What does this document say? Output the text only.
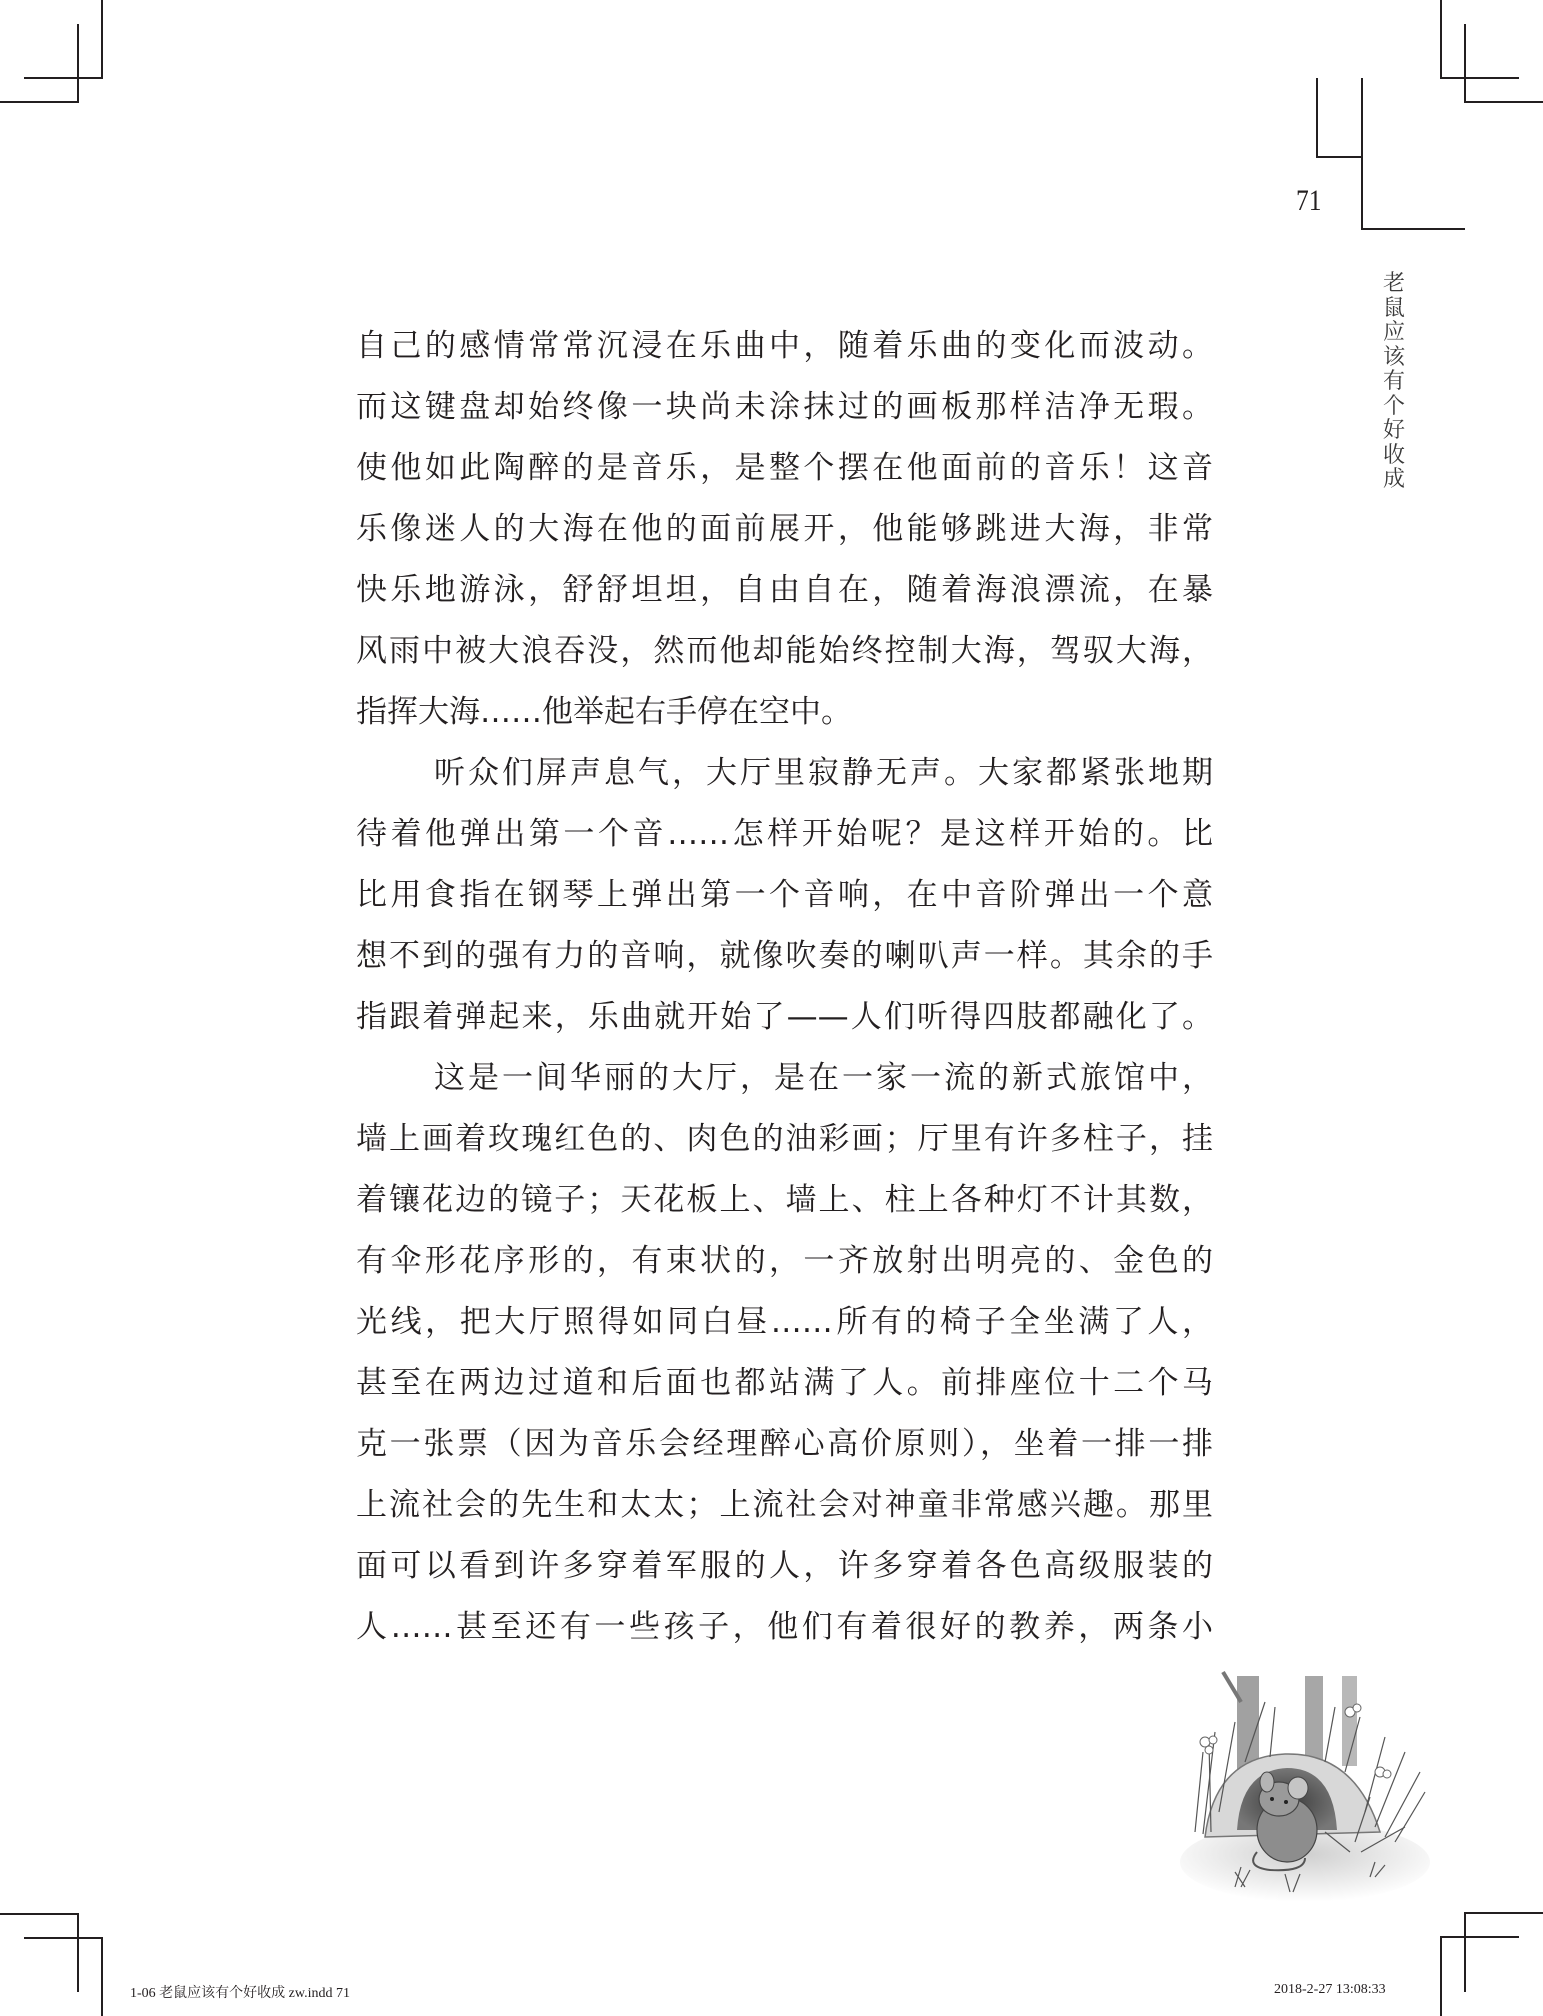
71
老鼠应该有个好收成
自己的感情常常沉浸在乐曲中，随着乐曲的变化而波动。
而这键盘却始终像一块尚未涂抹过的画板那样洁净无瑕。
使他如此陶醉的是音乐，是整个摆在他面前的音乐！这音
乐像迷人的大海在他的面前展开，他能够跳进大海，非常
快乐地游泳，舒舒坦坦，自由自在，随着海浪漂流，在暴
风雨中被大浪吞没，然而他却能始终控制大海，驾驭大海，
指挥大海……他举起右手停在空中。
听众们屏声息气，大厅里寂静无声。大家都紧张地期
待着他弹出第一个音……怎样开始呢？是这样开始的。比
比用食指在钢琴上弹出第一个音响，在中音阶弹出一个意
想不到的强有力的音响，就像吹奏的喇叭声一样。其余的手
指跟着弹起来，乐曲就开始了——人们听得四肢都融化了。
这是一间华丽的大厅，是在一家一流的新式旅馆中，
墙上画着玫瑰红色的、肉色的油彩画；厅里有许多柱子，挂
着镶花边的镜子；天花板上、墙上、柱上各种灯不计其数，
有伞形花序形的，有束状的，一齐放射出明亮的、金色的
光线，把大厅照得如同白昼……所有的椅子全坐满了人，
甚至在两边过道和后面也都站满了人。前排座位十二个马
克一张票（因为音乐会经理醉心高价原则），坐着一排一排
上流社会的先生和太太；上流社会对神童非常感兴趣。那里
面可以看到许多穿着军服的人，许多穿着各色高级服装的
人……甚至还有一些孩子，他们有着很好的教养，两条小
1-06 老鼠应该有个好收成 zw.indd 71	2018-2-27 13:08:33
